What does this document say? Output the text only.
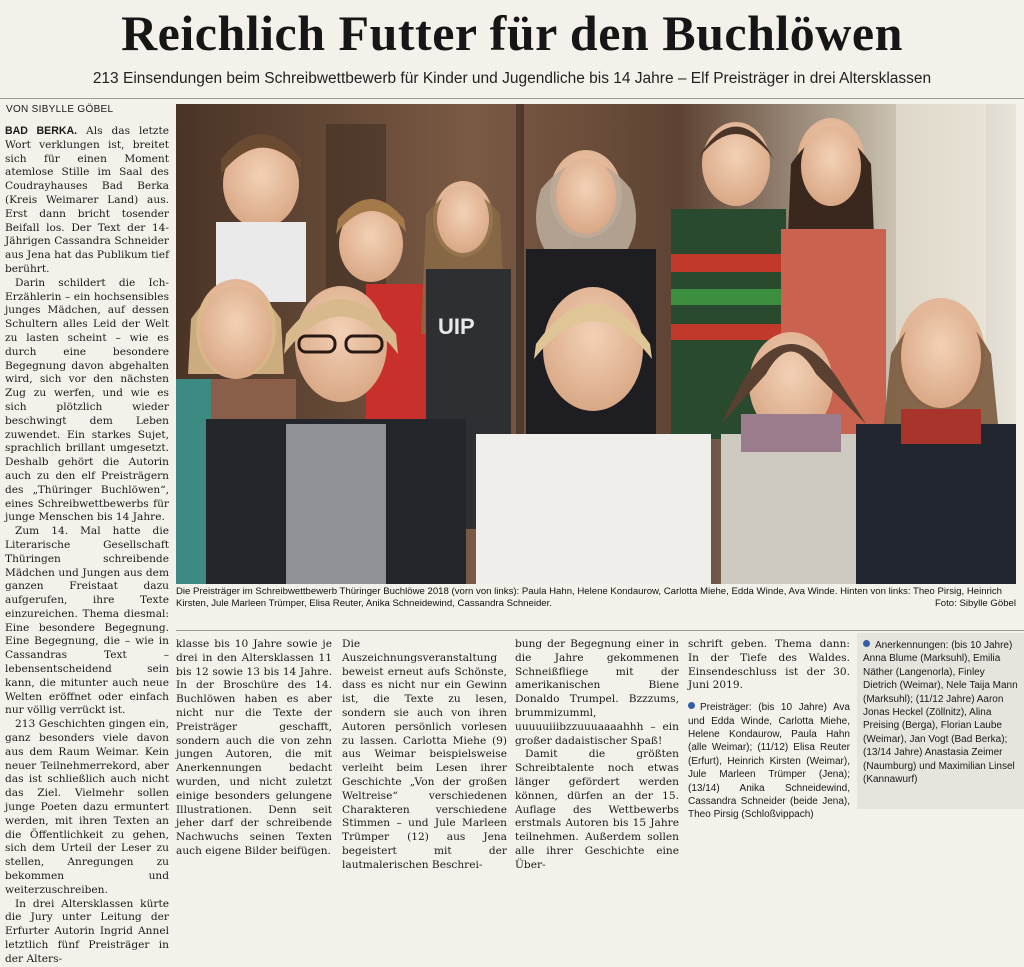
Reichlich Futter für den Buchlöwen
213 Einsendungen beim Schreibwettbewerb für Kinder und Jugendliche bis 14 Jahre – Elf Preisträger in drei Altersklassen
VON SIBYLLE GÖBEL

BAD BERKA. Als das letzte Wort verklungen ist, breitet sich für einen Moment atemlose Stille im Saal des Coudrayhauses Bad Berka (Kreis Weimarer Land) aus. Erst dann bricht tosender Beifall los. Der Text der 14-Jährigen Cassandra Schneider aus Jena hat das Publikum tief berührt.

Darin schildert die Ich-Erzählerin – ein hochsensibles junges Mädchen, auf dessen Schultern alles Leid der Welt zu lasten scheint – wie es durch eine besondere Begegnung davon abgehalten wird, sich vor den nächsten Zug zu werfen, und wie es sich plötzlich wieder beschwingt dem Leben zuwendet. Ein starkes Sujet, sprachlich brillant umgesetzt. Deshalb gehört die Autorin auch zu den elf Preisträgern des „Thüringer Buchlöwen“, eines Schreibwettbewerbs für junge Menschen bis 14 Jahre.

Zum 14. Mal hatte die Literarische Gesellschaft Thüringen schreibende Mädchen und Jungen aus dem ganzen Freistaat dazu aufgerufen, ihre Texte einzureichen. Thema diesmal: Eine besondere Begegnung. Eine Begegnung, die – wie in Cassandras Text – lebensentscheidend sein kann, die mitunter auch neue Welten eröffnet oder einfach nur völlig verrückt ist.

213 Geschichten gingen ein, ganz besonders viele davon aus dem Raum Weimar. Kein neuer Teilnehmerrekord, aber das ist schließlich auch nicht das Ziel. Vielmehr sollen junge Poeten dazu ermuntert werden, mit ihren Texten an die Öffentlichkeit zu gehen, sich dem Urteil der Leser zu stellen, Anregungen zu bekommen und weiterzuschreiben.

In drei Altersklassen kürte die Jury unter Leitung der Erfurter Autorin Ingrid Annel letztlich fünf Preisträger in der Alters-

UIP
Die Preisträger im Schreibwettbewerb Thüringer Buchlöwe 2018 (vorn von links): Paula Hahn, Helene Kondaurow, Carlotta Miehe, Edda Winde, Ava Winde. Hinten von links: Theo Pirsig, Heinrich Kirsten, Jule Marleen Trümper, Elisa Reuter, Anika Schneidewind, Cassandra Schneider.	Foto: Sibylle Göbel

klasse bis 10 Jahre sowie je drei in den Altersklassen 11 bis 12 sowie 13 bis 14 Jahre. In der Broschüre des 14. Buchlöwen haben es aber nicht nur die Texte der Preisträger geschafft, sondern auch die von zehn jungen Autoren, die mit Anerkennungen bedacht wurden, und nicht zuletzt einige besonders gelungene Illustrationen. Denn seit jeher darf der schreibende Nachwuchs seinen Texten auch eigene Bilder beifügen.

Die Auszeichnungsveranstaltung beweist erneut aufs Schönste, dass es nicht nur ein Gewinn ist, die Texte zu lesen, sondern sie auch von ihren Autoren persönlich vorlesen zu lassen. Carlotta Miehe (9) aus Weimar beispielsweise verleiht beim Lesen ihrer Geschichte „Von der großen Weltreise“ verschiedenen Charakteren verschiedene Stimmen – und Jule Marleen Trümper (12) aus Jena begeistert mit der lautmalerischen Beschrei-

bung der Begegnung einer in die Jahre gekommenen Schneißfliege mit der amerikanischen Biene Donaldo Trumpel. Bzzzums, brummizumml, uuuuuiiibzzuuuaaaahhh – ein großer dadaistischer Spaß!

Damit die größten Schreibtalente noch etwas länger gefördert werden können, dürfen an der 15. Auflage des Wettbewerbs erstmals Autoren bis 15 Jahre teilnehmen. Außerdem sollen alle ihrer Geschichte eine Über-

schrift geben. Thema dann: In der Tiefe des Waldes. Einsendeschluss ist der 30. Juni 2019.

Preisträger: (bis 10 Jahre) Ava und Edda Winde, Carlotta Miehe, Helene Kondaurow, Paula Hahn (alle Weimar); (11/12) Elisa Reuter (Erfurt), Heinrich Kirsten (Weimar), Jule Marleen Trümper (Jena); (13/14) Anika Schneidewind, Cassandra Schneider (beide Jena), Theo Pirsig (Schloßvippach)
Anerkennungen: (bis 10 Jahre) Anna Blume (Marksuhl), Emilia Näther (Langenorla), Finley Dietrich (Weimar), Nele Taija Mann (Marksuhl); (11/12 Jahre) Aaron Jonas Heckel (Zöllnitz), Alina Preising (Berga), Florian Laube (Weimar), Jan Vogt (Bad Berka); (13/14 Jahre) Anastasia Zeimer (Naumburg) und Maximilian Linsel (Kannawurf)
